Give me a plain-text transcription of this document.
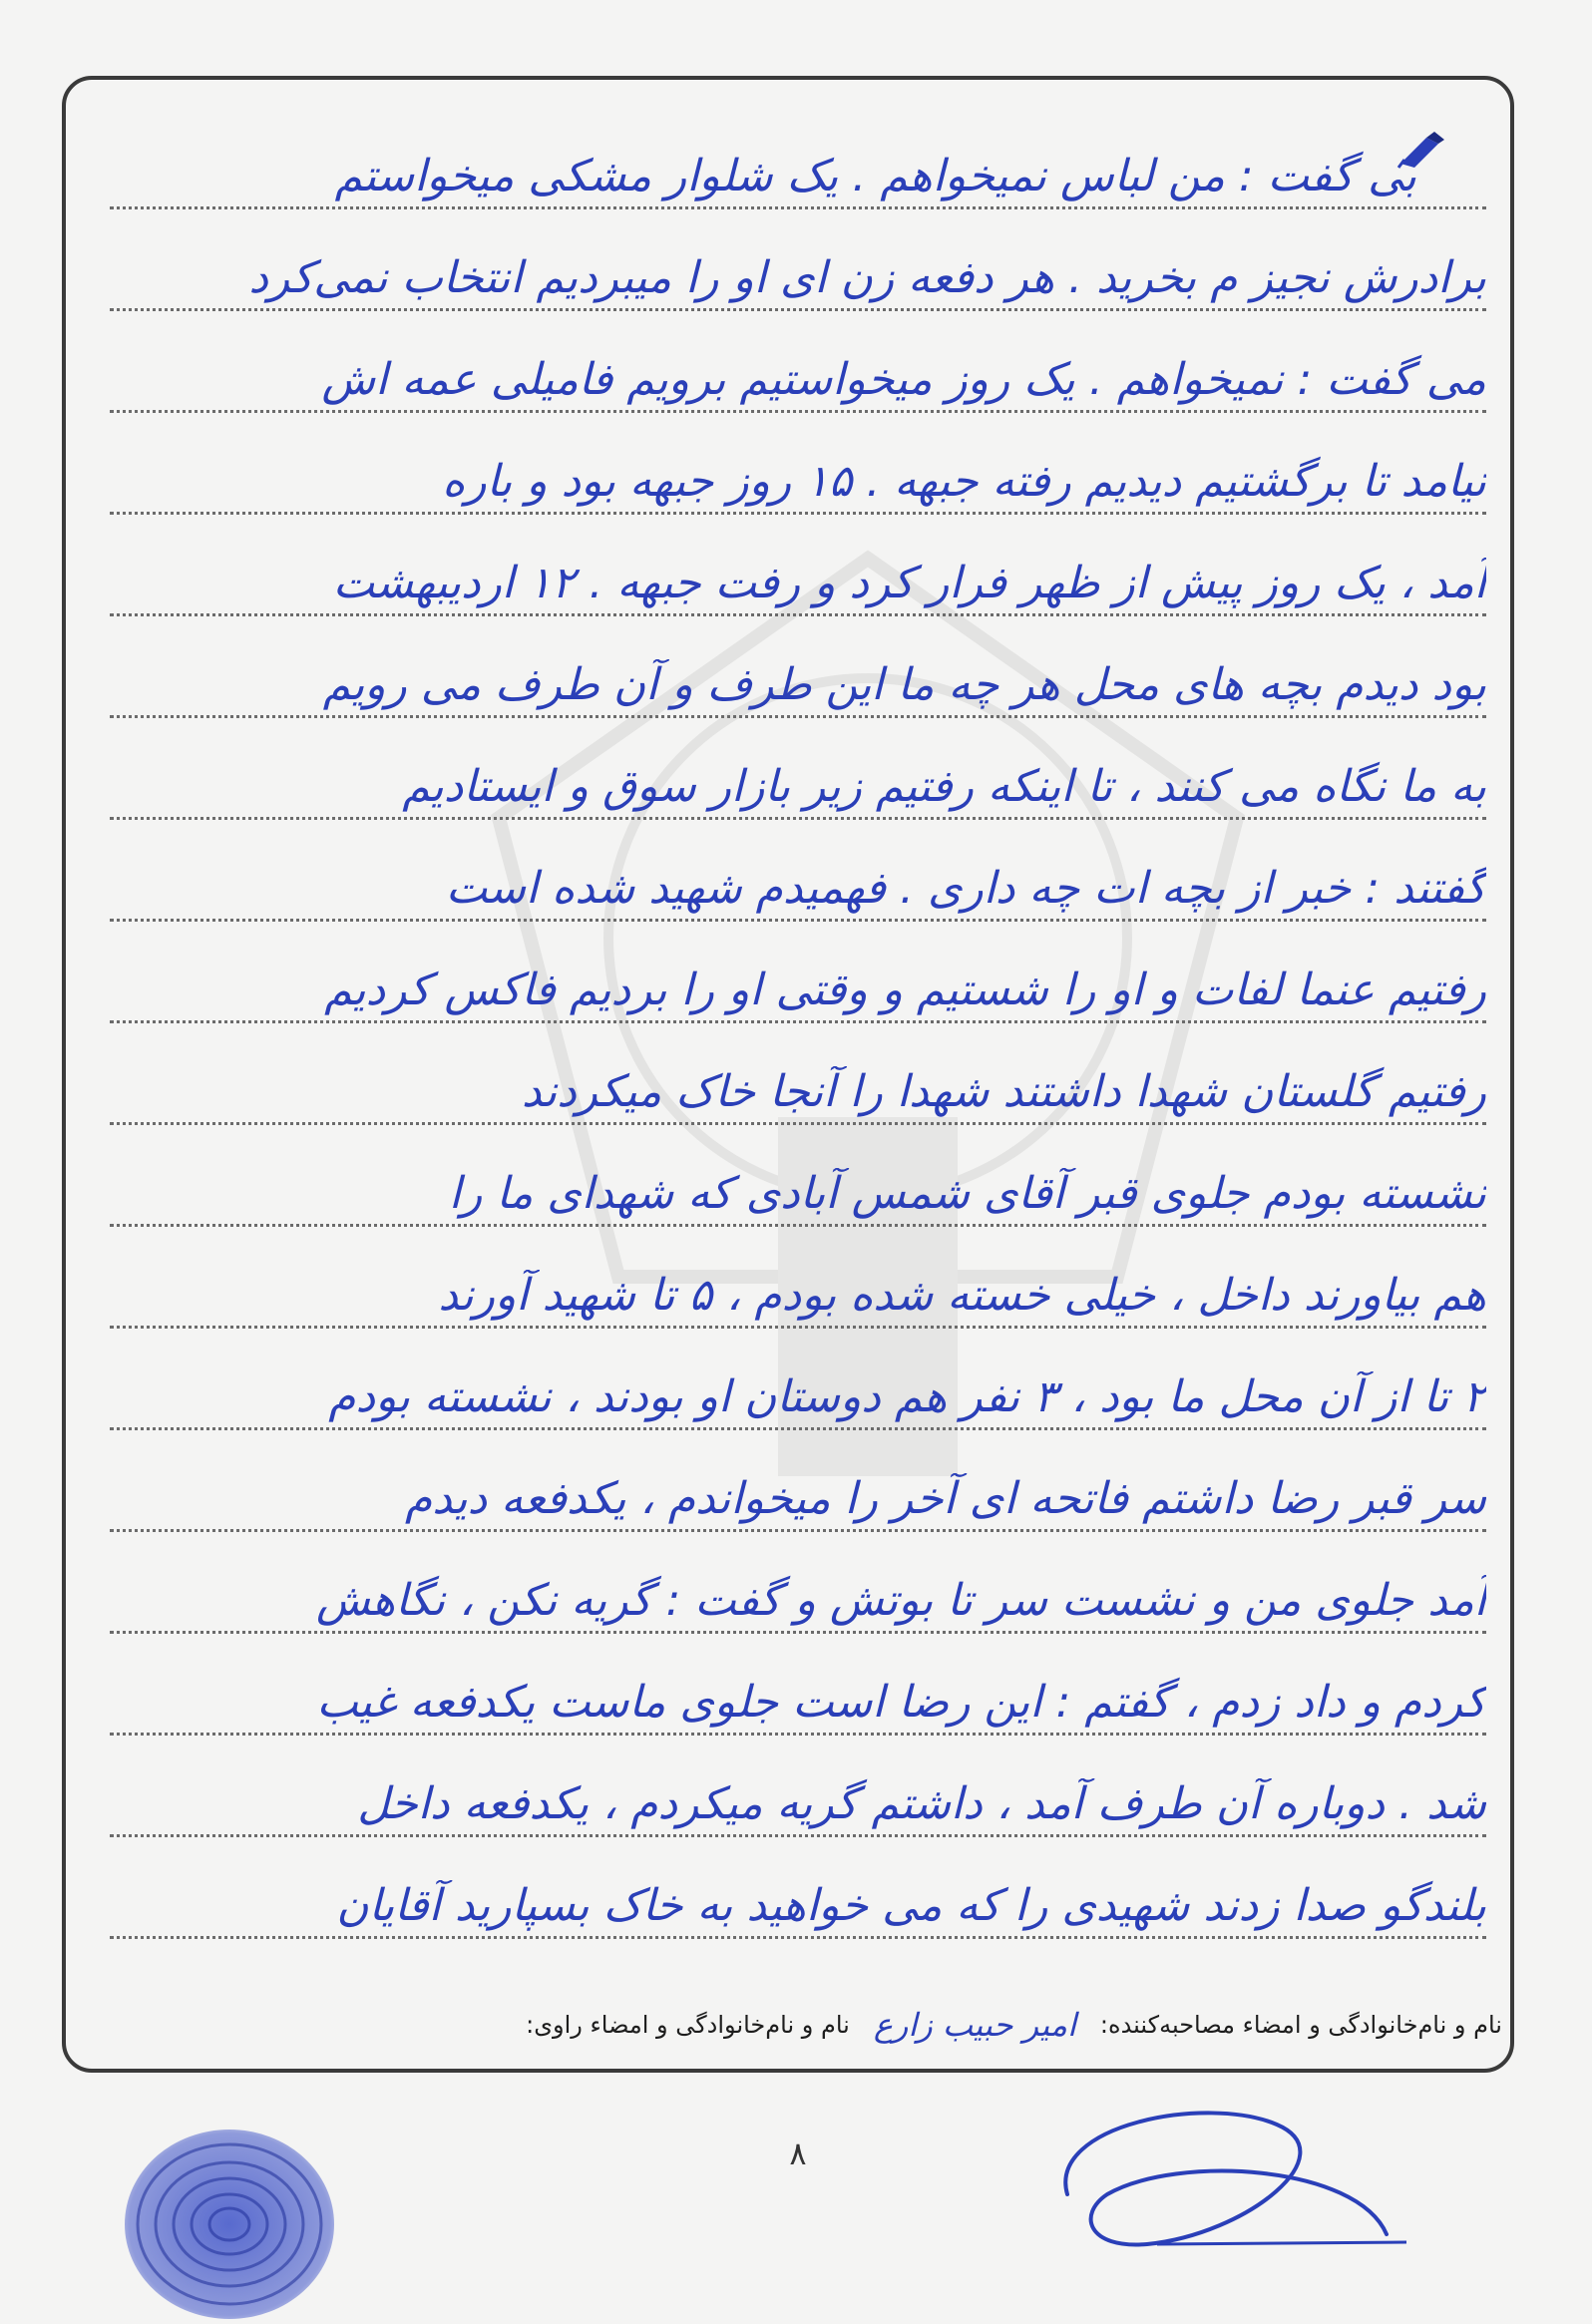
بی گفت : من لباس نمیخواهم . یک شلوار مشکی میخواستم
برادرش نجیز م بخرید . هر دفعه زن ای او را میبردیم انتخاب نمی‌کرد
می گفت : نمیخواهم . یک روز میخواستیم برویم فامیلی عمه اش
نیامد تا برگشتیم دیدیم رفته جبهه . ۱۵ روز جبهه بود و باره
آمد ، یک روز پیش از ظهر فرار کرد و رفت جبهه . ۱۲ اردیبهشت
بود دیدم بچه های محل هر چه ما این طرف و آن طرف می رویم
به ما نگاه می کنند ، تا اینکه رفتیم زیر بازار سوق و ایستادیم
گفتند : خبر از بچه ات چه داری . فهمیدم شهید شده است
رفتیم عنما لفات و او را شستیم و وقتی او را بردیم فاکس کردیم
رفتیم گلستان شهدا داشتند شهدا را آنجا خاک میکردند
نشسته بودم جلوی قبر آقای شمس آبادی که شهدای ما را
هم بیاورند داخل ، خیلی خسته شده بودم ، ۵ تا شهید آورند
۲ تا از آن محل ما بود ، ۳ نفر هم دوستان او بودند ، نشسته بودم
سر قبر رضا داشتم فاتحه ای آخر را میخواندم ، یکدفعه دیدم
آمد جلوی من و نشست سر تا بوتش و گفت : گریه نکن ، نگاهش
کردم و داد زدم ، گفتم : این رضا است جلوی ماست یکدفعه غیب
شد . دوباره آن طرف آمد ، داشتم گریه میکردم ، یکدفعه داخل
بلندگو صدا زدند شهیدی را که می خواهید به خاک بسپارید آقایان
نام و نام‌خانوادگی و امضاء مصاحبه‌کننده:
امیر حبیب زارع
نام و نام‌خانوادگی و امضاء راوی:
۸
